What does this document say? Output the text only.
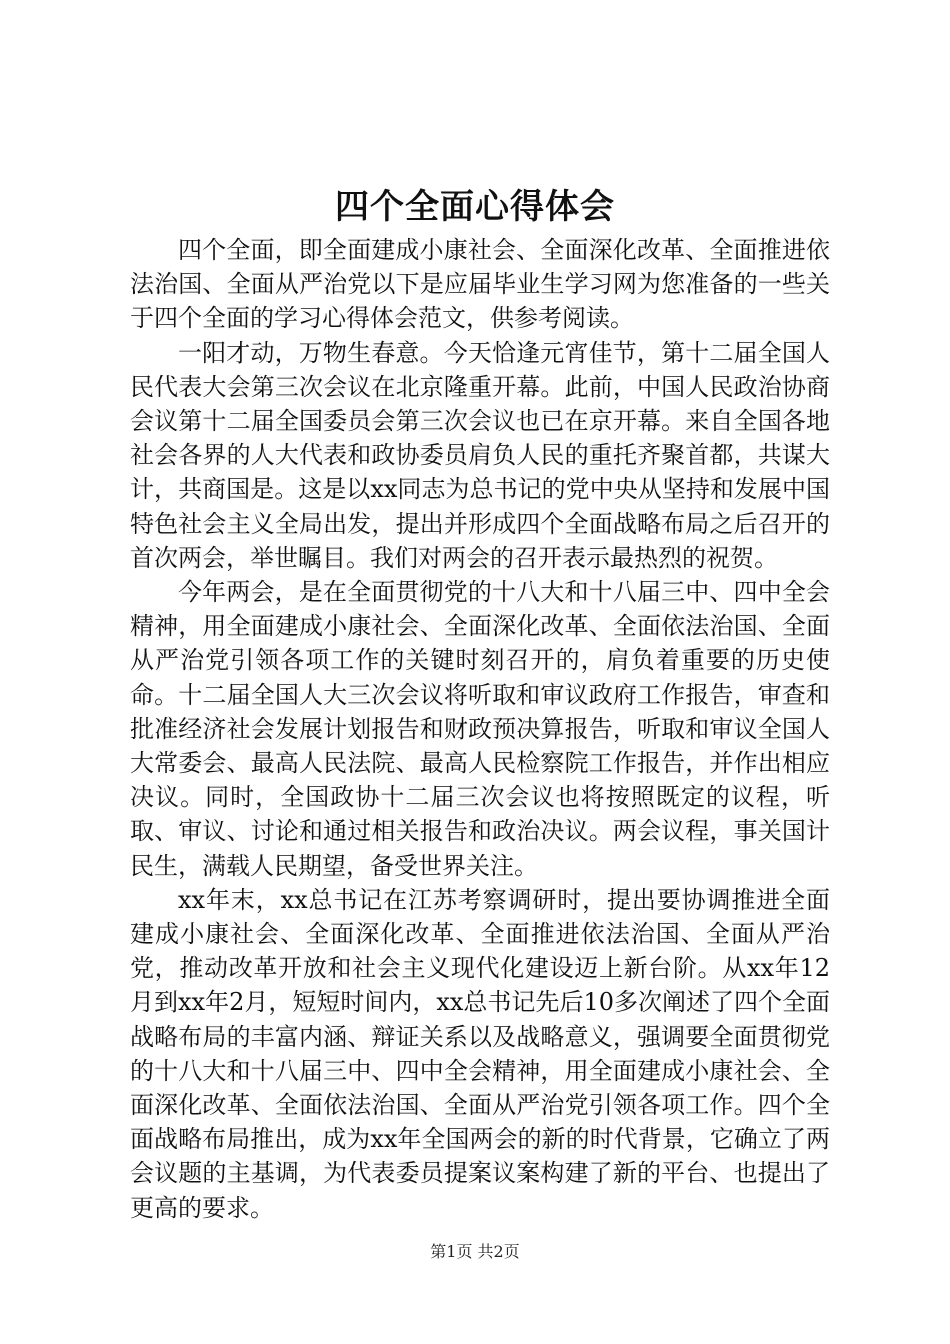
四个全面心得体会

四个全面，即全面建成小康社会、全面深化改革、全面推进依法治国、全面从严治党以下是应届毕业生学习网为您准备的一些关于四个全面的学习心得体会范文，供参考阅读。

一阳才动，万物生春意。今天恰逢元宵佳节，第十二届全国人民代表大会第三次会议在北京隆重开幕。此前，中国人民政治协商会议第十二届全国委员会第三次会议也已在京开幕。来自全国各地社会各界的人大代表和政协委员肩负人民的重托齐聚首都，共谋大计，共商国是。这是以xx同志为总书记的党中央从坚持和发展中国特色社会主义全局出发，提出并形成四个全面战略布局之后召开的首次两会，举世瞩目。我们对两会的召开表示最热烈的祝贺。

今年两会，是在全面贯彻党的十八大和十八届三中、四中全会精神，用全面建成小康社会、全面深化改革、全面依法治国、全面从严治党引领各项工作的关键时刻召开的，肩负着重要的历史使命。十二届全国人大三次会议将听取和审议政府工作报告，审查和批准经济社会发展计划报告和财政预决算报告，听取和审议全国人大常委会、最高人民法院、最高人民检察院工作报告，并作出相应决议。同时，全国政协十二届三次会议也将按照既定的议程，听取、审议、讨论和通过相关报告和政治决议。两会议程，事关国计民生，满载人民期望，备受世界关注。

xx年末，xx总书记在江苏考察调研时，提出要协调推进全面建成小康社会、全面深化改革、全面推进依法治国、全面从严治党，推动改革开放和社会主义现代化建设迈上新台阶。从xx年12月到xx年2月，短短时间内，xx总书记先后10多次阐述了四个全面战略布局的丰富内涵、辩证关系以及战略意义，强调要全面贯彻党的十八大和十八届三中、四中全会精神，用全面建成小康社会、全面深化改革、全面依法治国、全面从严治党引领各项工作。四个全面战略布局推出，成为xx年全国两会的新的时代背景，它确立了两会议题的主基调，为代表委员提案议案构建了新的平台、也提出了更高的要求。

第1页 共2页
